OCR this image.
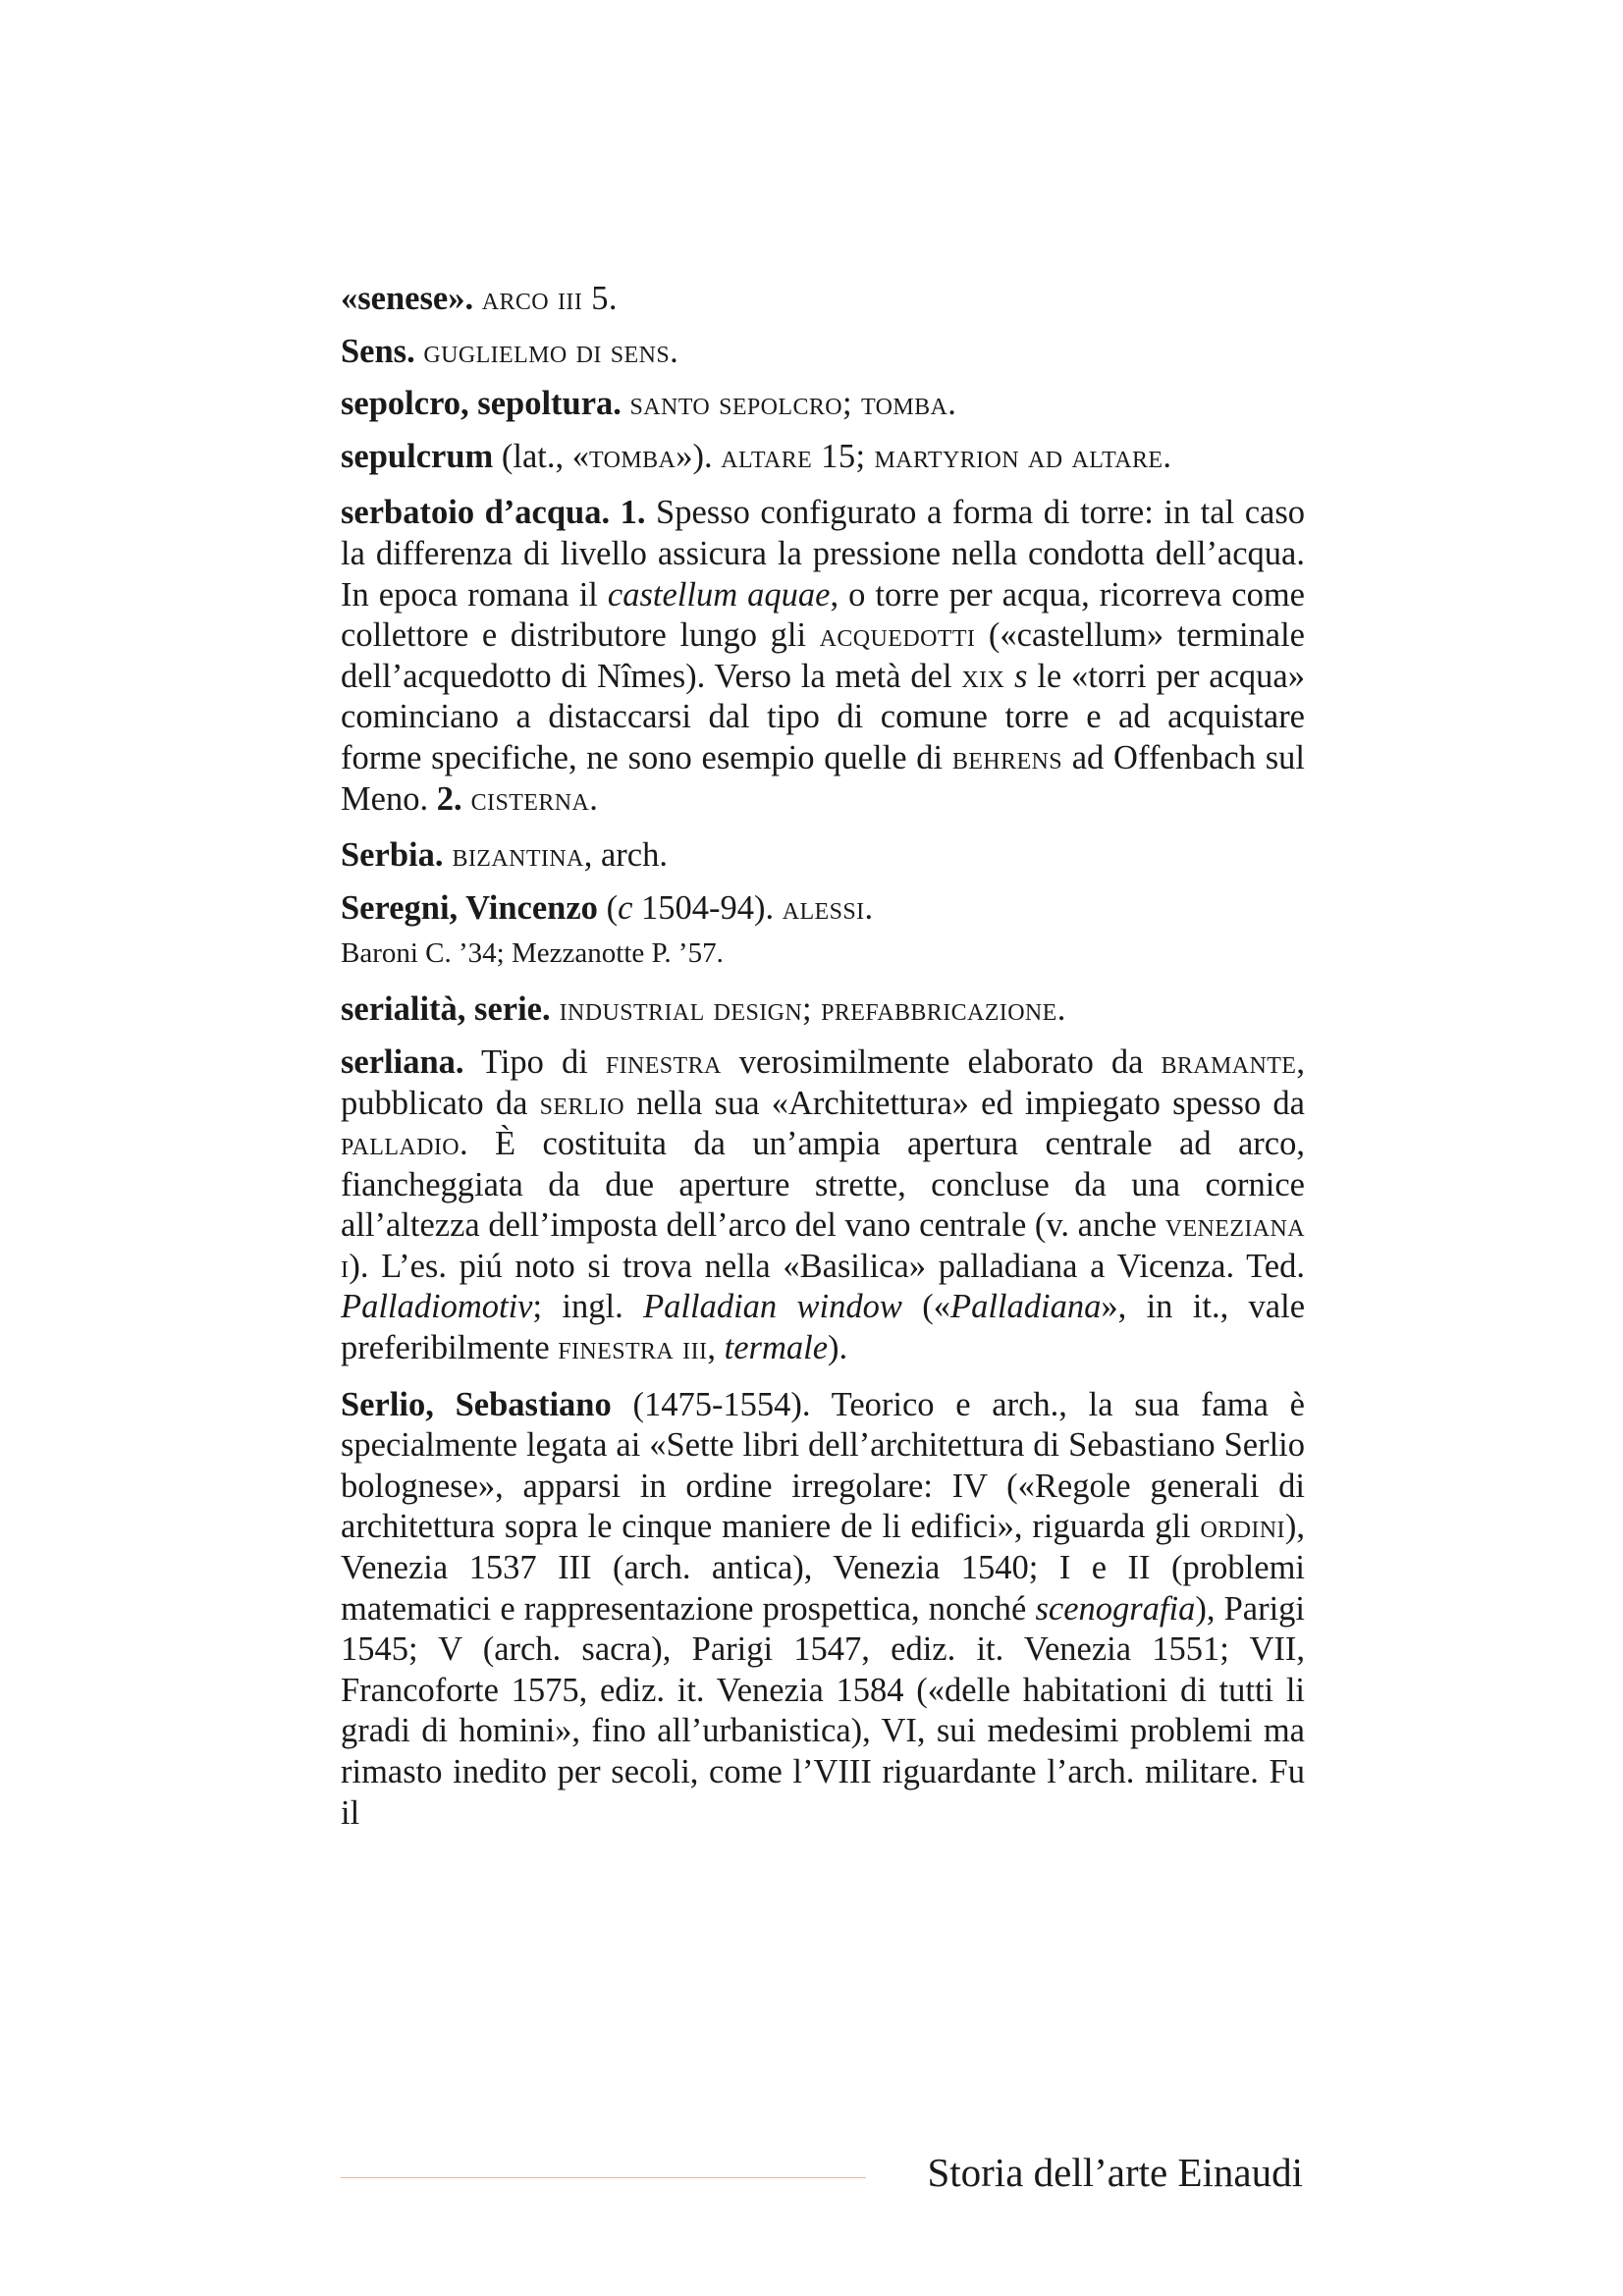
«senese». arco iii 5.

Sens. guglielmo di sens.

sepolcro, sepoltura. santo sepolcro; tomba.

sepulcrum (lat., «tomba»). altare 15; martyrion ad altare.

serbatoio d’acqua. 1. Spesso configurato a forma di torre: in tal caso la differenza di livello assicura la pressione nella condotta dell’acqua. In epoca romana il castellum aquae, o torre per acqua, ricorreva come collettore e distributore lungo gli acquedotti («castellum» terminale dell’acquedotto di Nîmes). Verso la metà del xix s le «torri per acqua» cominciano a distaccarsi dal tipo di comune torre e ad acquistare forme specifiche, ne sono esempio quelle di behrens ad Offenbach sul Meno. 2. cisterna.

Serbia. bizantina, arch.

Seregni, Vincenzo (c 1504-94). alessi.

Baroni C. ’34; Mezzanotte P. ’57.

serialità, serie. industrial design; prefabbricazione.

serliana. Tipo di finestra verosimilmente elaborato da bramante, pubblicato da serlio nella sua «Architettura» ed impiegato spesso da palladio. È costituita da un’ampia apertura centrale ad arco, fiancheggiata da due aperture strette, concluse da una cornice all’altezza dell’imposta dell’arco del vano centrale (v. anche veneziana i). L’es. piú noto si trova nella «Basilica» palladiana a Vicenza. Ted. Palladiomotiv; ingl. Palladian window («Palladiana», in it., vale preferibilmente finestra iii, termale).

Serlio, Sebastiano (1475-1554). Teorico e arch., la sua fama è specialmente legata ai «Sette libri dell’architettura di Sebastiano Serlio bolognese», apparsi in ordine irregolare: IV («Regole generali di architettura sopra le cinque maniere de li edifici», riguarda gli ordini), Venezia 1537 III (arch. antica), Venezia 1540; I e II (problemi matematici e rappresentazione prospettica, nonché scenografia), Parigi 1545; V (arch. sacra), Parigi 1547, ediz. it. Venezia 1551; VII, Francoforte 1575, ediz. it. Venezia 1584 («delle habitationi di tutti li gradi di homini», fino all’urbanistica), VI, sui medesimi problemi ma rimasto inedito per secoli, come l’VIII riguardante l’arch. militare. Fu il

Storia dell’arte Einaudi
